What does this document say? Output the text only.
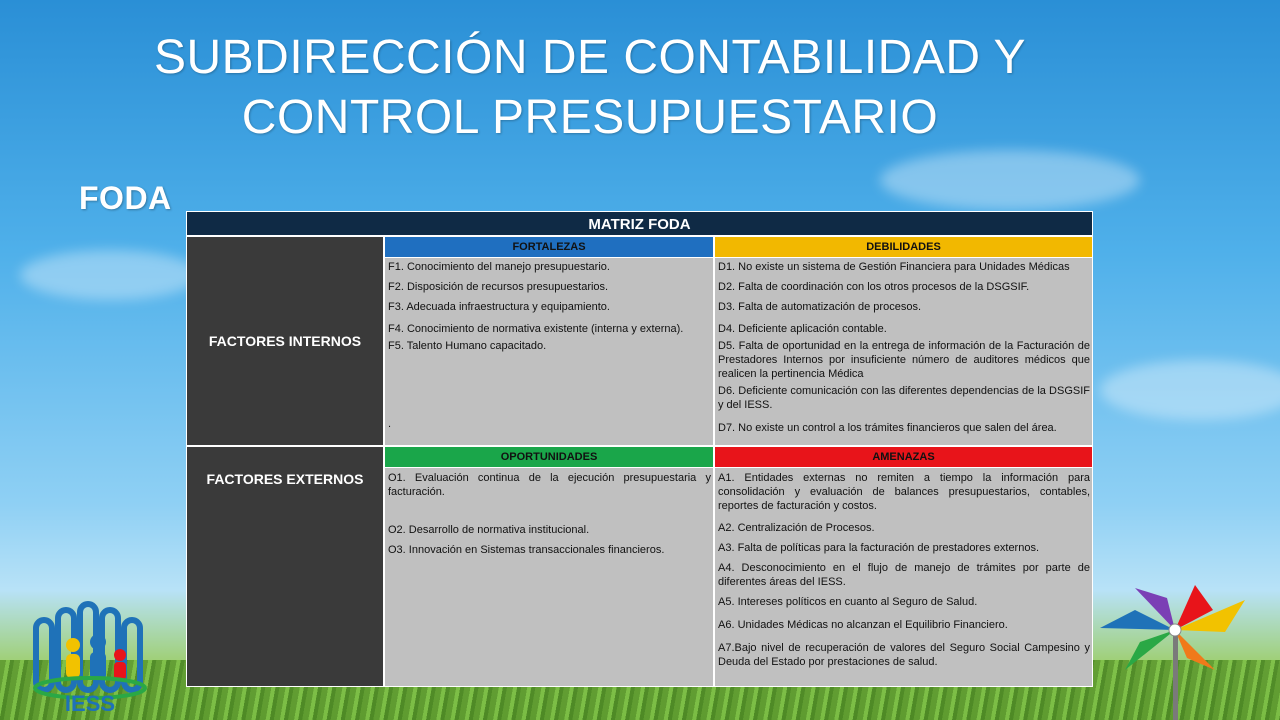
SUBDIRECCIÓN DE CONTABILIDAD Y
CONTROL PRESUPUESTARIO
FODA
MATRIZ FODA
FACTORES INTERNOS
FACTORES EXTERNOS
FORTALEZAS

F1. Conocimiento del manejo presupuestario.

F2. Disposición de recursos presupuestarios.

F3. Adecuada infraestructura y equipamiento.

F4. Conocimiento de normativa existente (interna y externa).

F5. Talento Humano capacitado.

.

DEBILIDADES

D1. No existe un sistema de Gestión Financiera para Unidades Médicas

D2. Falta de coordinación con los otros procesos de la DSGSIF.

D3. Falta de automatización de procesos.

D4. Deficiente aplicación contable.

D5. Falta de oportunidad en la entrega de información de la Facturación de Prestadores Internos por insuficiente número de auditores médicos que realicen la pertinencia Médica

D6. Deficiente comunicación con las diferentes dependencias de la DSGSIF y del IESS.

D7. No existe un control a los trámites financieros que salen del área.

OPORTUNIDADES

O1. Evaluación continua de la ejecución presupuestaria y facturación.

O2. Desarrollo de normativa institucional.

O3. Innovación en Sistemas transaccionales financieros.

AMENAZAS

A1. Entidades externas no remiten a tiempo la información para consolidación y evaluación de balances presupuestarios, contables, reportes de facturación y costos.

A2. Centralización de Procesos.

A3. Falta de políticas para la facturación de prestadores externos.

A4. Desconocimiento en el flujo de manejo de trámites por parte de diferentes áreas del IESS.

A5. Intereses políticos en cuanto al Seguro de Salud.

A6. Unidades Médicas no alcanzan el Equilibrio Financiero.

A7.Bajo nivel de recuperación de valores del Seguro Social Campesino y Deuda del Estado por prestaciones de salud.

IESS
